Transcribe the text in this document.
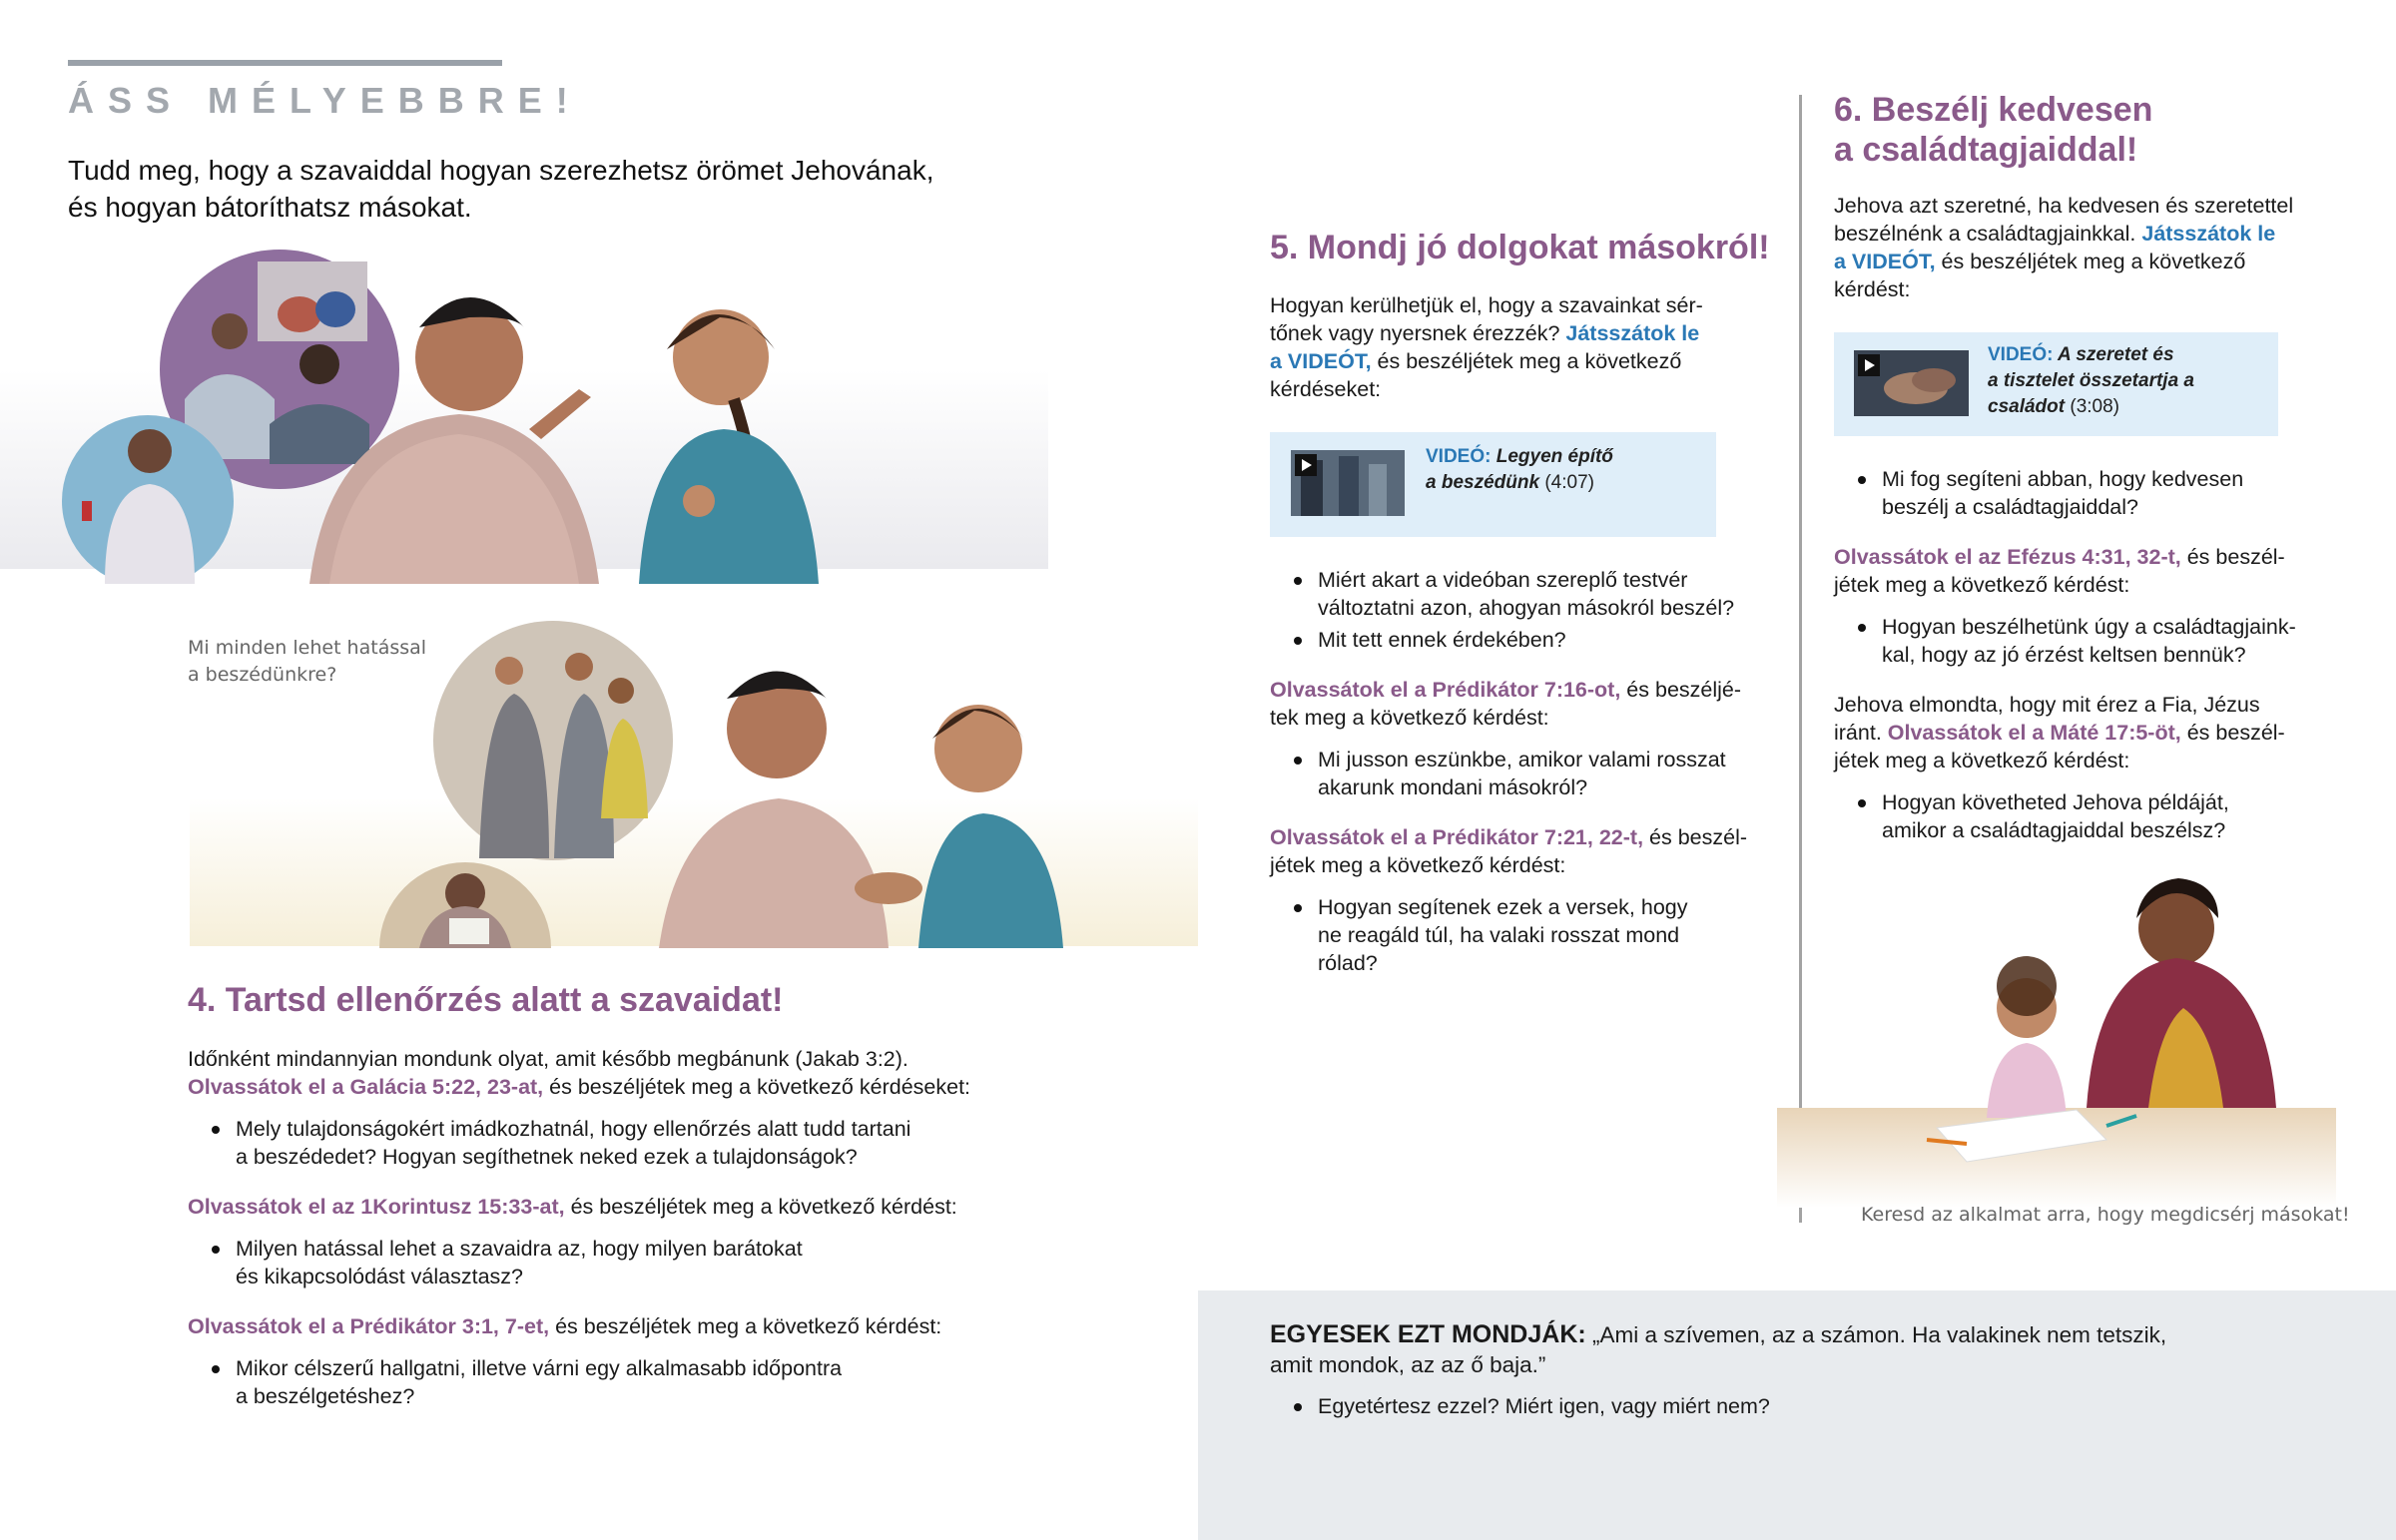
ÁSS MÉLYEBBRE!
Tudd meg, hogy a szavaiddal hogyan szerezhetsz örömet Jehovának,
és hogyan bátoríthatsz másokat.
Mi minden lehet hatással
a beszédünkre?
4. Tartsd ellenőrzés alatt a szavaidat!
Időnként mindannyian mondunk olyat, amit később megbánunk (Jakab 3:2).
Olvassátok el a Galácia 5:22, 23-at, és beszéljétek meg a következő kérdéseket:
Mely tulajdonságokért imádkozhatnál, hogy ellenőrzés alatt tudd tartani
a beszédedet? Hogyan segíthetnek neked ezek a tulajdonságok?
Olvassátok el az 1Korintusz 15:33-at, és beszéljétek meg a következő kérdést:
Milyen hatással lehet a szavaidra az, hogy milyen barátokat
és kikapcsolódást választasz?
Olvassátok el a Prédikátor 3:1, 7-et, és beszéljétek meg a következő kérdést:
Mikor célszerű hallgatni, illetve várni egy alkalmasabb időpontra
a beszélgetéshez?
5. Mondj jó dolgokat másokról!
Hogyan kerülhetjük el, hogy a szavainkat sér-
tőnek vagy nyersnek érezzék? Játsszátok le
a VIDEÓT, és beszéljétek meg a következő
kérdéseket:
VIDEÓ: Legyen építő
a beszédünk (4:07)
Miért akart a videóban szereplő testvér
változtatni azon, ahogyan másokról beszél?
Mit tett ennek érdekében?
Olvassátok el a Prédikátor 7:16-ot, és beszéljé-
tek meg a következő kérdést:
Mi jusson eszünkbe, amikor valami rosszat
akarunk mondani másokról?
Olvassátok el a Prédikátor 7:21, 22-t, és beszél-
jétek meg a következő kérdést:
Hogyan segítenek ezek a versek, hogy
ne reagáld túl, ha valaki rosszat mond
rólad?
6. Beszélj kedvesen
a családtagjaiddal!
Jehova azt szeretné, ha kedvesen és szeretettel
beszélnénk a családtagjainkkal. Játsszátok le
a VIDEÓT, és beszéljétek meg a következő
kérdést:
VIDEÓ: A szeretet és
a tisztelet összetartja a
családot (3:08)
Mi fog segíteni abban, hogy kedvesen
beszélj a családtagjaiddal?
Olvassátok el az Efézus 4:31, 32-t, és beszél-
jétek meg a következő kérdést:
Hogyan beszélhetünk úgy a családtagjaink-
kal, hogy az jó érzést keltsen bennük?
Jehova elmondta, hogy mit érez a Fia, Jézus
iránt. Olvassátok el a Máté 17:5-öt, és beszél-
jétek meg a következő kérdést:
Hogyan követheted Jehova példáját,
amikor a családtagjaiddal beszélsz?
Keresd az alkalmat arra, hogy megdicsérj másokat!
EGYESEK EZT MONDJÁK: „Ami a szívemen, az a számon. Ha valakinek nem tetszik,
amit mondok, az az ő baja.”
Egyetértesz ezzel? Miért igen, vagy miért nem?
